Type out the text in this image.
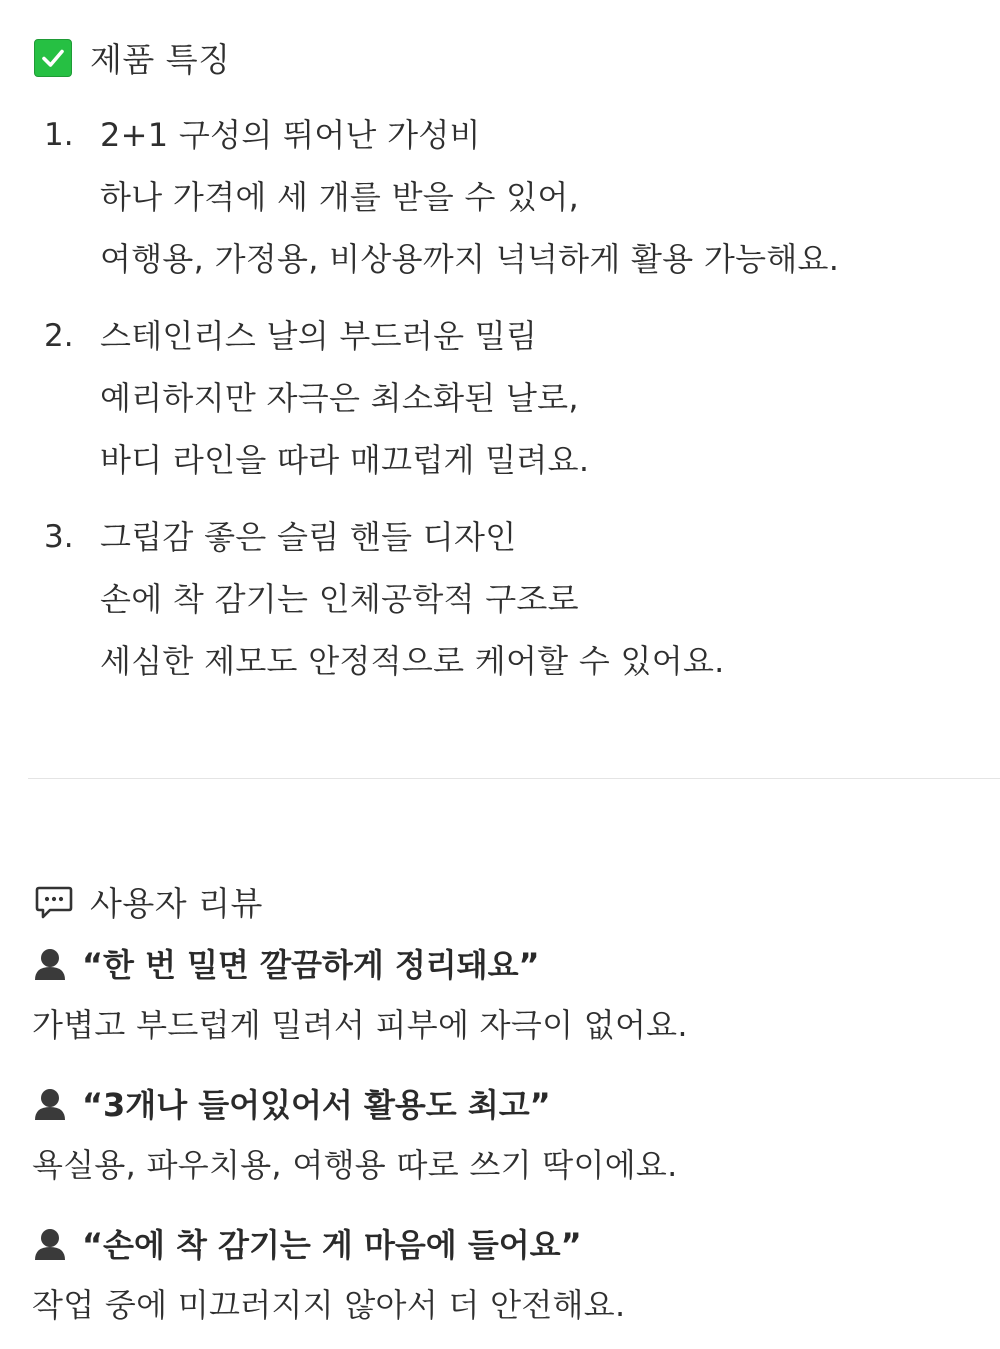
제품 특징
1. 2+1 구성의 뛰어난 가성비
하나 가격에 세 개를 받을 수 있어,
여행용, 가정용, 비상용까지 넉넉하게 활용 가능해요.
2. 스테인리스 날의 부드러운 밀림
예리하지만 자극은 최소화된 날로,
바디 라인을 따라 매끄럽게 밀려요.
3. 그립감 좋은 슬림 핸들 디자인
손에 착 감기는 인체공학적 구조로
세심한 제모도 안정적으로 케어할 수 있어요.
사용자 리뷰
“한 번 밀면 깔끔하게 정리돼요”
가볍고 부드럽게 밀려서 피부에 자극이 없어요.
“3개나 들어있어서 활용도 최고”
욕실용, 파우치용, 여행용 따로 쓰기 딱이에요.
“손에 착 감기는 게 마음에 들어요”
작업 중에 미끄러지지 않아서 더 안전해요.
